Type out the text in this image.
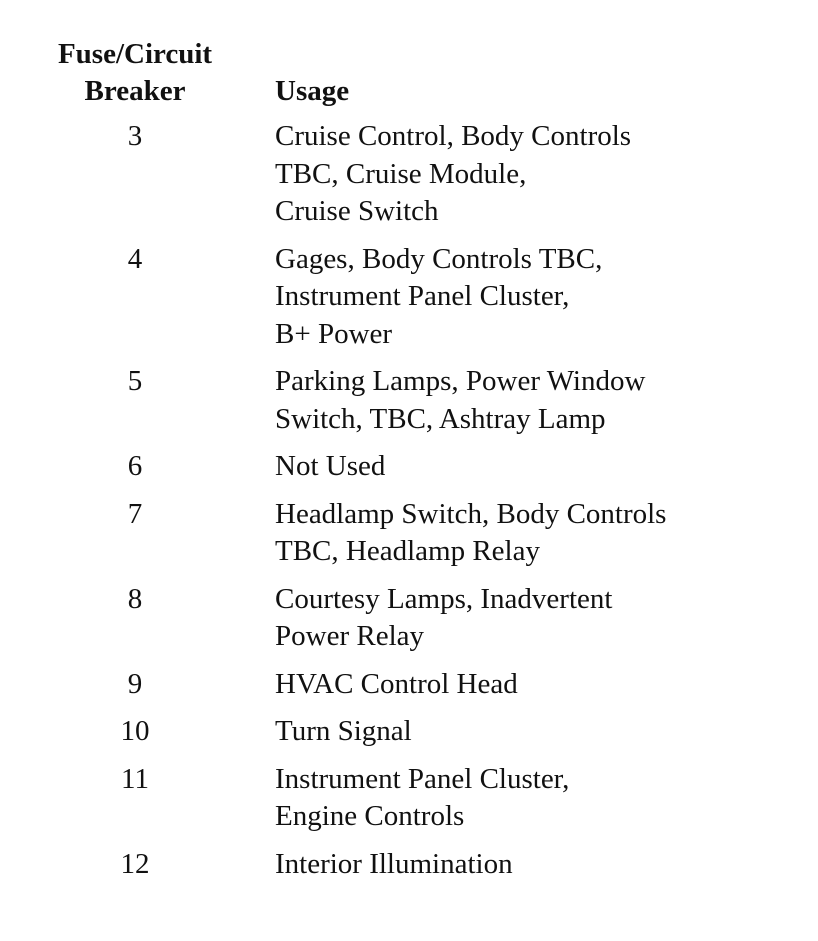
Fuse/Circuit
Breaker	Usage
3	Cruise Control, Body Controls
TBC, Cruise Module,
Cruise Switch
4	Gages, Body Controls TBC,
Instrument Panel Cluster,
B+ Power
5	Parking Lamps, Power Window
Switch, TBC, Ashtray Lamp
6	Not Used
7	Headlamp Switch, Body Controls
TBC, Headlamp Relay
8	Courtesy Lamps, Inadvertent
Power Relay
9	HVAC Control Head
10	Turn Signal
11	Instrument Panel Cluster,
Engine Controls
12	Interior Illumination
